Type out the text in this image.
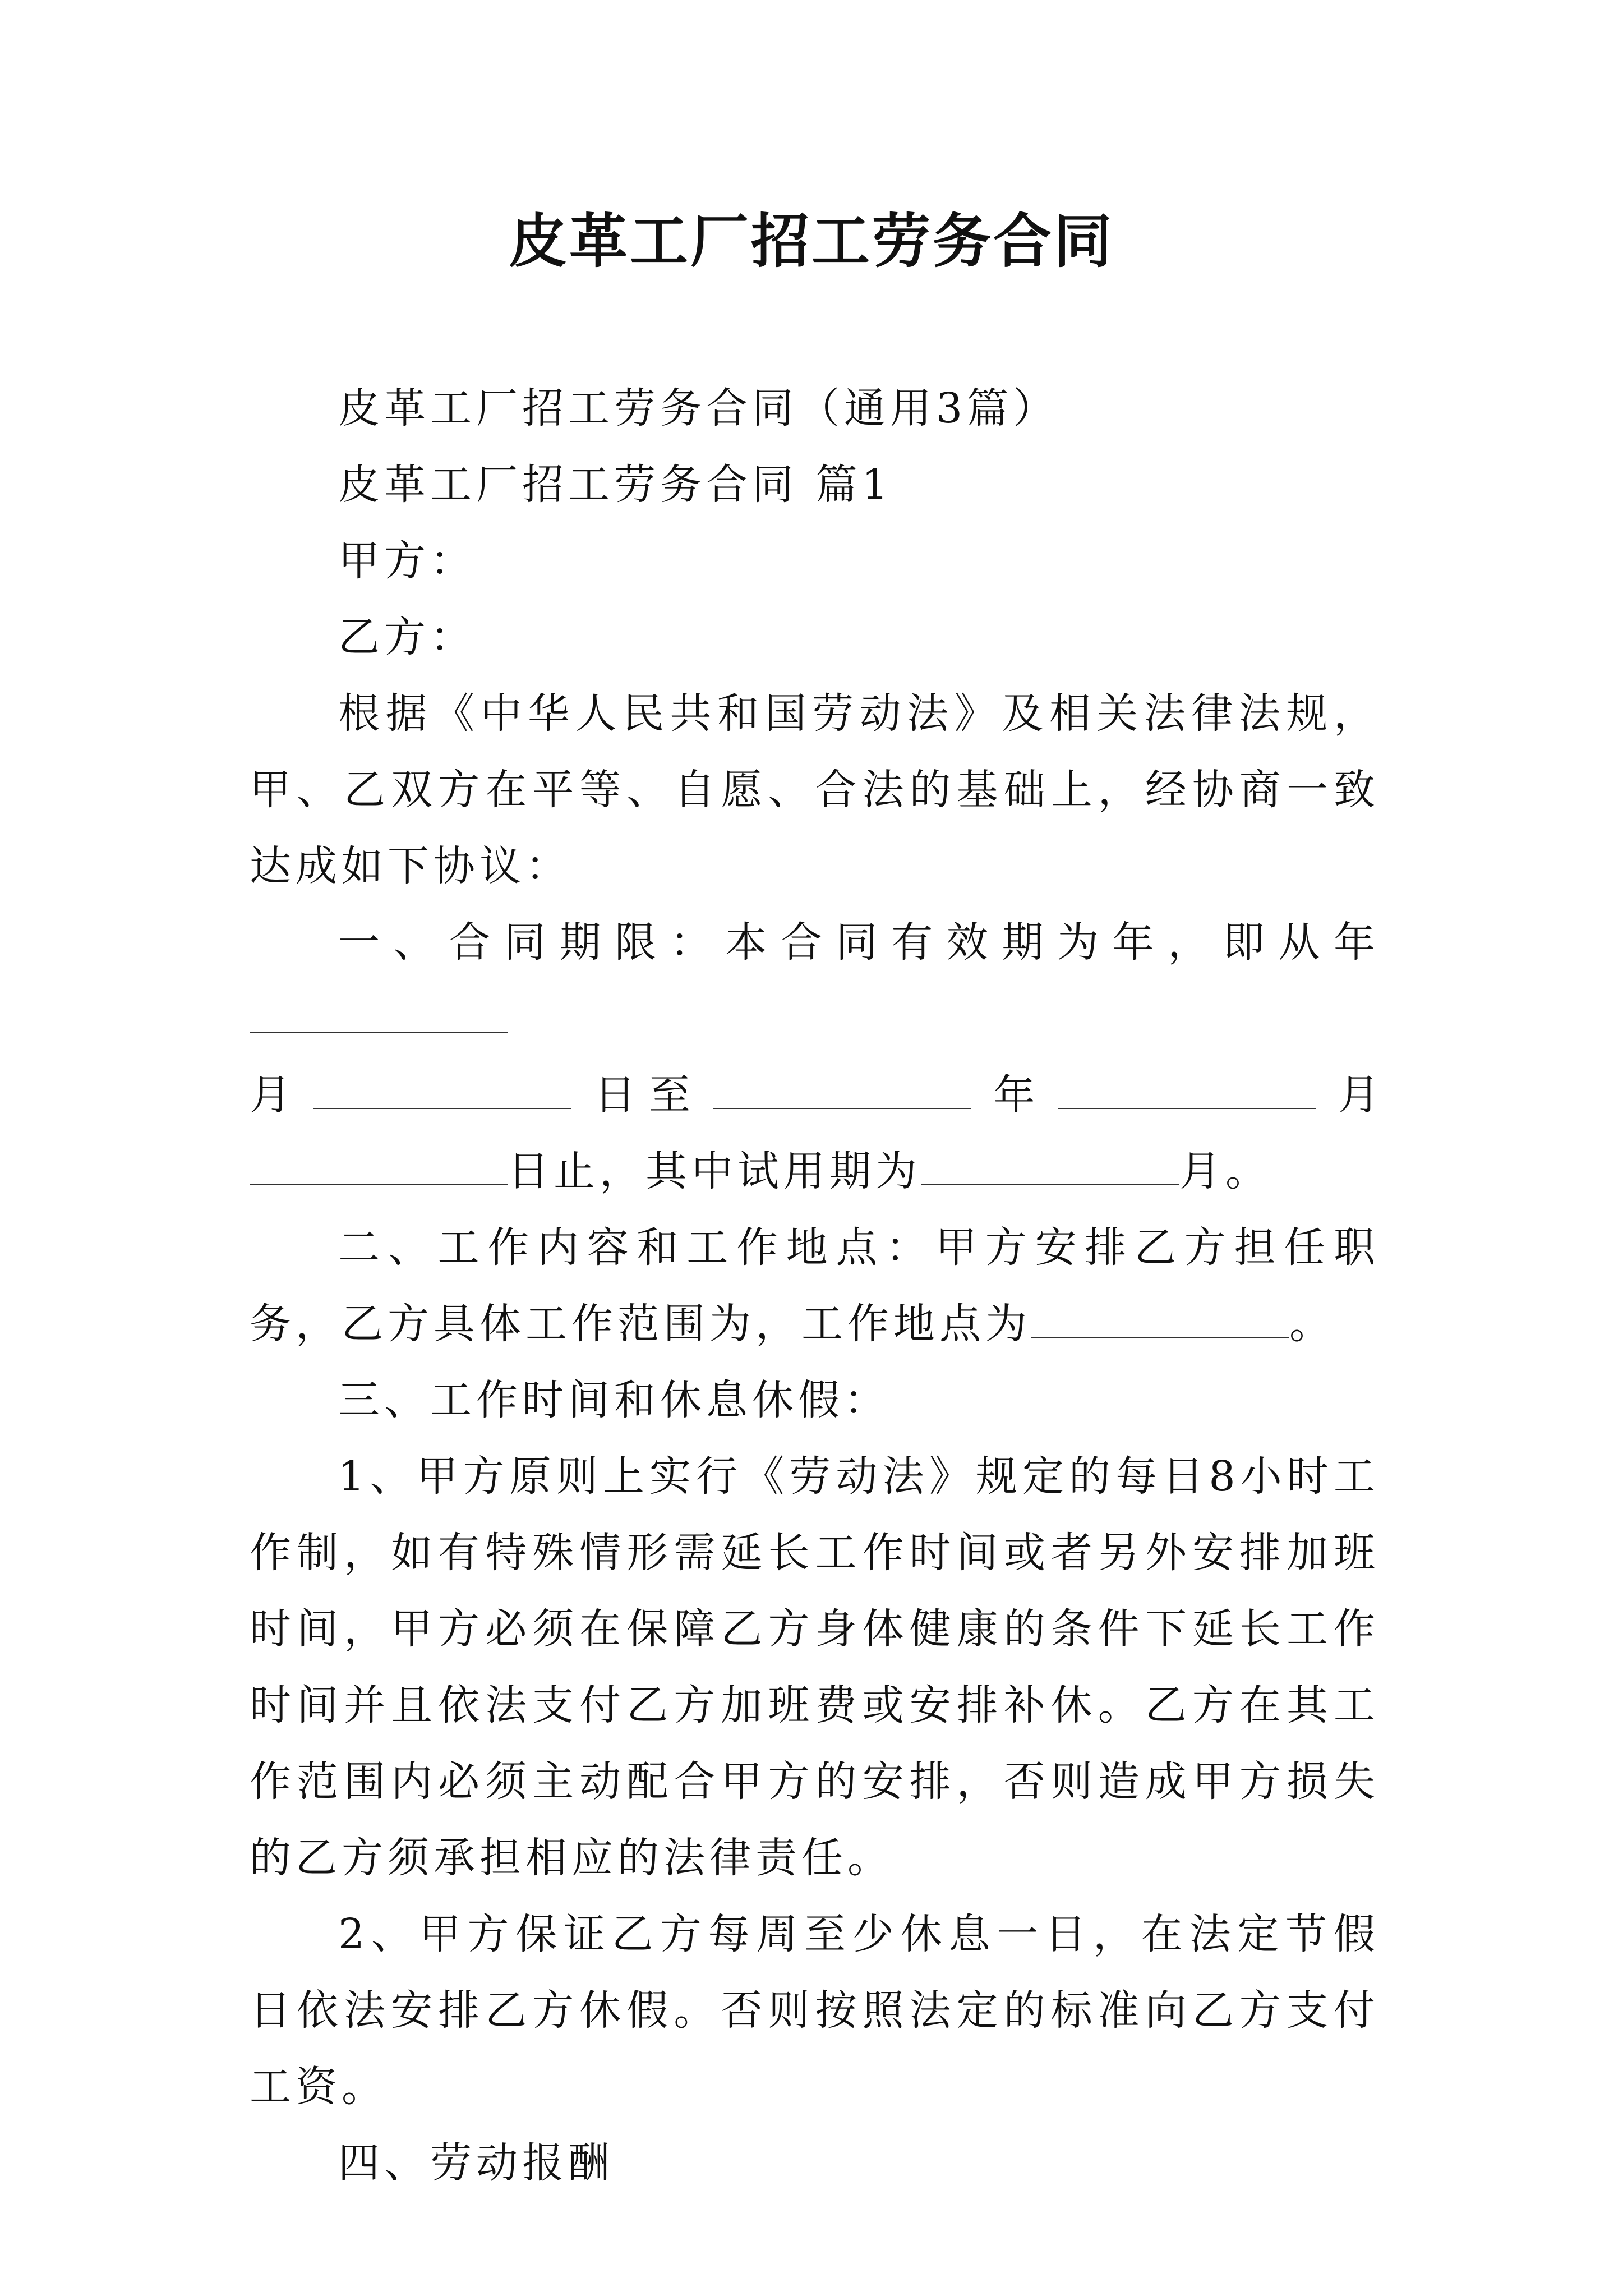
皮革工厂招工劳务合同

皮革工厂招工劳务合同（通用3篇）

皮革工厂招工劳务合同 篇1

甲方：

乙方：

根据《中华人民共和国劳动法》及相关法律法规，甲、乙双方在平等、自愿、合法的基础上，经协商一致达成如下协议：

一、合同期限：本合同有效期为年，即从年

月	日 至	年	月

日止，其中试用期为	月。

二、工作内容和工作地点：甲方安排乙方担任职务，乙方具体工作范围为，工作地点为	。

三、工作时间和休息休假：

1、甲方原则上实行《劳动法》规定的每日8小时工作制，如有特殊情形需延长工作时间或者另外安排加班时间，甲方必须在保障乙方身体健康的条件下延长工作时间并且依法支付乙方加班费或安排补休。乙方在其工作范围内必须主动配合甲方的安排，否则造成甲方损失的乙方须承担相应的法律责任。

2、甲方保证乙方每周至少休息一日，在法定节假日依法安排乙方休假。否则按照法定的标准向乙方支付工资。

四、劳动报酬
